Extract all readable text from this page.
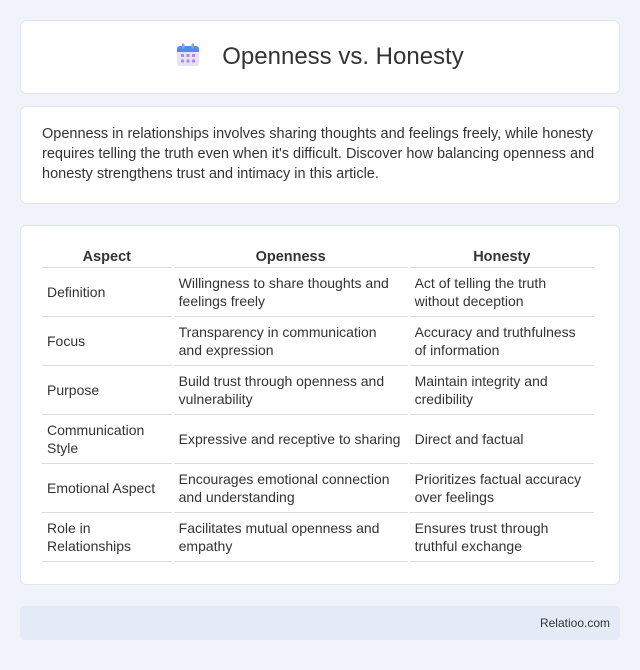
Openness vs. Honesty

Openness in relationships involves sharing thoughts and feelings freely, while honesty requires telling the truth even when it's difficult. Discover how balancing openness and honesty strengthens trust and intimacy in this article.

Aspect	Openness	Honesty
Definition	Willingness to share thoughts and feelings freely	Act of telling the truth without deception
Focus	Transparency in communication and expression	Accuracy and truthfulness of information
Purpose	Build trust through openness and vulnerability	Maintain integrity and credibility
Communication Style	Expressive and receptive to sharing	Direct and factual
Emotional Aspect	Encourages emotional connection and understanding	Prioritizes factual accuracy over feelings
Role in Relationships	Facilitates mutual openness and empathy	Ensures trust through truthful exchange
Relatioo.com
